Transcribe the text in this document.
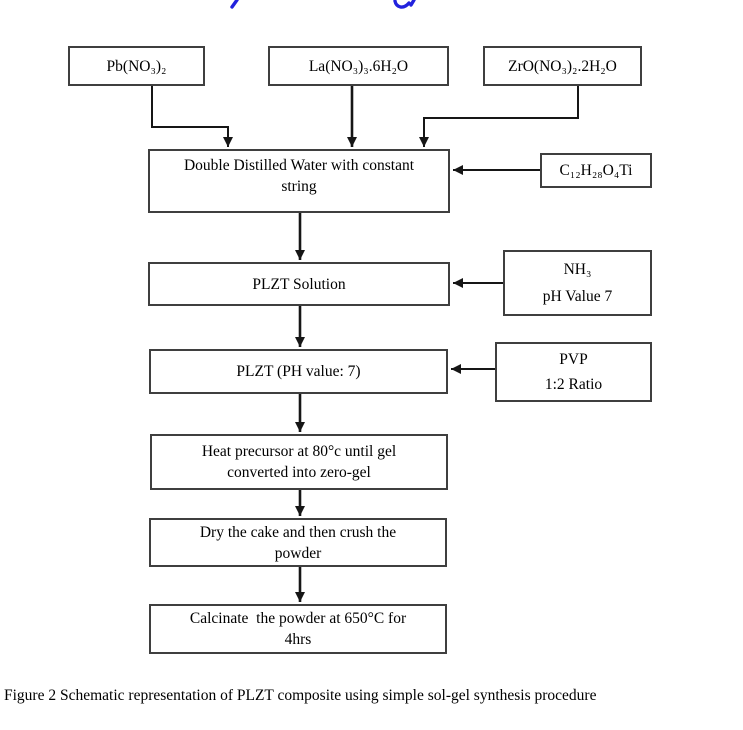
Pb(NO₃)₂	La(NO₃)₃.6H₂O	ZrO(NO₃)₂.2H₂O
Double Distilled Water with constant
string
PLZT Solution
PLZT (PH value: 7)
Heat precursor at 80°c until gel
converted into zero-gel
Dry the cake and then crush the
powder
Calcinate  the powder at 650°C for
4hrs
C₁₂H₂₈O₄Ti
NH₃
pH Value 7
PVP
1:2 Ratio
Figure 2 Schematic representation of PLZT composite using simple sol-gel synthesis procedure
